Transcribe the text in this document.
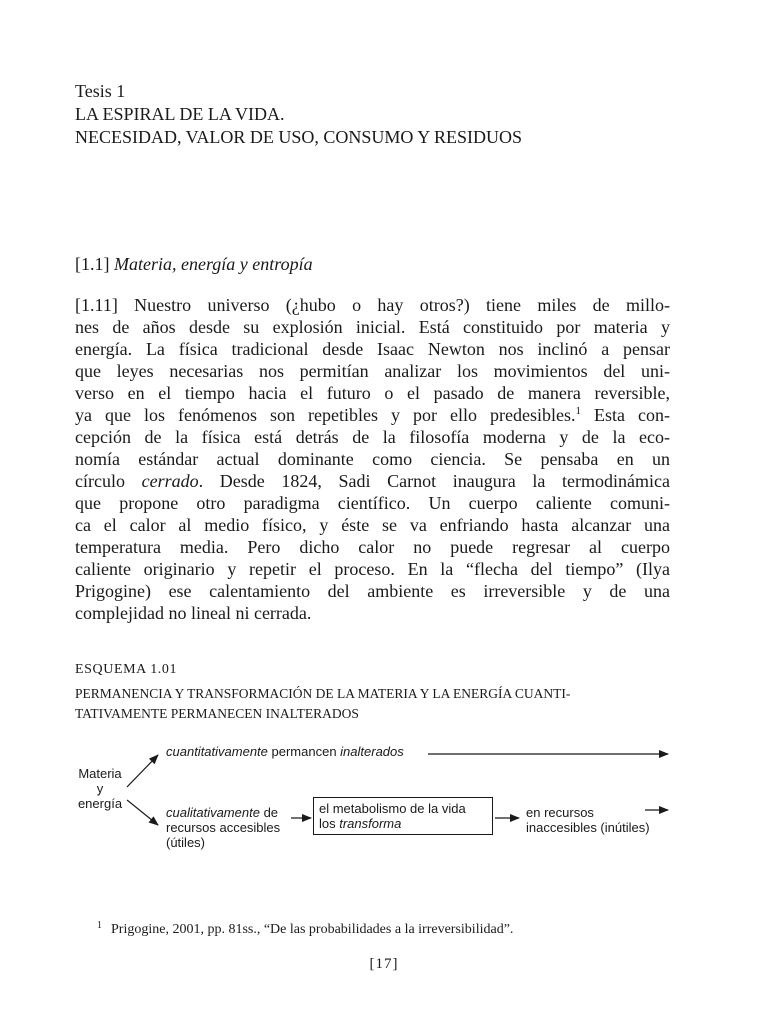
Tesis 1
LA ESPIRAL DE LA VIDA.
NECESIDAD, VALOR DE USO, CONSUMO Y RESIDUOS
[1.1] Materia, energía y entropía
[1.11] Nuestro universo (¿hubo o hay otros?) tiene miles de millo-
nes de años desde su explosión inicial. Está constituido por materia y
energía. La física tradicional desde Isaac Newton nos inclinó a pensar
que leyes necesarias nos permitían analizar los movimientos del uni-
verso en el tiempo hacia el futuro o el pasado de manera reversible,
ya que los fenómenos son repetibles y por ello predesibles.$^1$ Esta con-
cepción de la física está detrás de la filosofía moderna y de la eco-
nomía estándar actual dominante como ciencia. Se pensaba en un
círculo cerrado. Desde 1824, Sadi Carnot inaugura la termodinámica
que propone otro paradigma científico. Un cuerpo caliente comuni-
ca el calor al medio físico, y éste se va enfriando hasta alcanzar una
temperatura media. Pero dicho calor no puede regresar al cuerpo
caliente originario y repetir el proceso. En la “flecha del tiempo” (Ilya
Prigogine) ese calentamiento del ambiente es irreversible y de una
complejidad no lineal ni cerrada.
ESQUEMA 1.01
PERMANENCIA Y TRANSFORMACIÓN DE LA MATERIA Y LA ENERGÍA CUANTI-
TATIVAMENTE PERMANECEN INALTERADOS
Materia
y
energía
cuantitativamente permancen inalterados
cualitativamente de
recursos accesibles
(útiles)
el metabolismo de la vida
los transforma
en recursos
inaccesibles (inútiles)
$^1$ Prigogine, 2001, pp. 81ss., “De las probabilidades a la irreversibilidad”.
[17]
